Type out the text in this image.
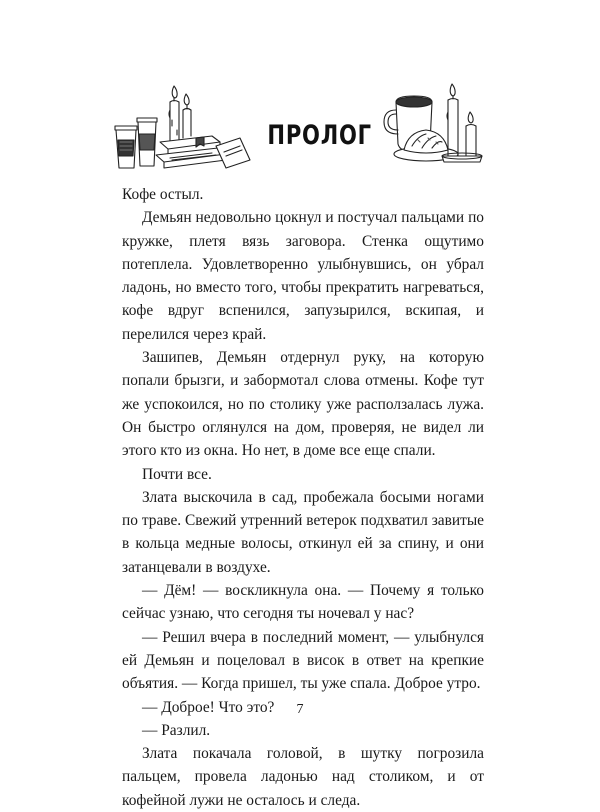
ПРОЛОГ

Кофе остыл.

Демьян недовольно цокнул и постучал пальцами по кружке, плетя вязь заговора. Стенка ощутимо потеплела. Удовлетворенно улыбнувшись, он убрал ладонь, но вместо того, чтобы прекратить нагреваться, кофе вдруг вспенился, запузырился, вскипая, и перелился через край.

Зашипев, Демьян отдернул руку, на которую попали брызги, и забормотал слова отмены. Кофе тут же успокоился, но по столику уже расползалась лужа. Он быстро оглянулся на дом, проверяя, не видел ли этого кто из окна. Но нет, в доме все еще спали.

Почти все.

Злата выскочила в сад, пробежала босыми ногами по траве. Свежий утренний ветерок подхватил завитые в кольца медные волосы, откинул ей за спину, и они затанцевали в воздухе.

— Дём! — воскликнула она. — Почему я только сейчас узнаю, что сегодня ты ночевал у нас?

— Решил вчера в последний момент, — улыбнулся ей Демьян и поцеловал в висок в ответ на крепкие объятия. — Когда пришел, ты уже спала. Доброе утро.

— Доброе! Что это?

— Разлил.

Злата покачала головой, в шутку погрозила пальцем, провела ладонью над столиком, и от кофейной лужи не осталось и следа.

7
